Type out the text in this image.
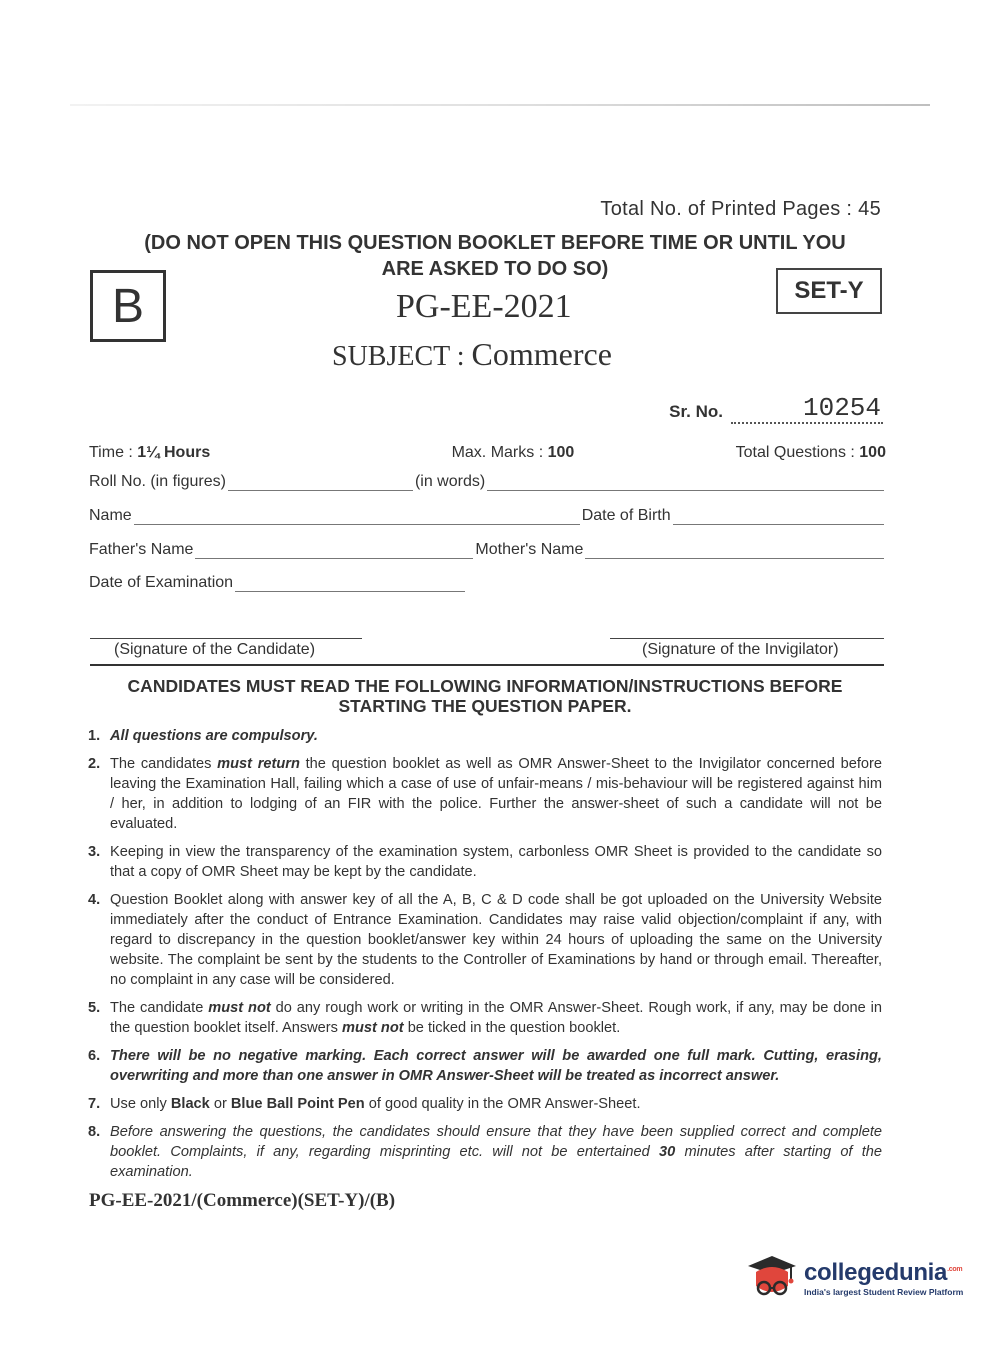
Total No. of Printed Pages : 45
(DO NOT OPEN THIS QUESTION BOOKLET BEFORE TIME OR UNTIL YOU
ARE ASKED TO DO SO)
B	SET-Y
PG-EE-2021
SUBJECT : Commerce
Sr. No.	10254
Time : 1¼ Hours	Max. Marks : 100	Total Questions : 100
Roll No. (in figures)	(in words)
Name	Date of Birth
Father's Name	Mother's Name
Date of Examination
(Signature of the Candidate)	(Signature of the Invigilator)
CANDIDATES MUST READ THE FOLLOWING INFORMATION/INSTRUCTIONS BEFORE
STARTING THE QUESTION PAPER.
1. All questions are compulsory.
2. The candidates must return the question booklet as well as OMR Answer-Sheet to the Invigilator concerned before leaving the Examination Hall, failing which a case of use of unfair-means / mis-behaviour will be registered against him / her, in addition to lodging of an FIR with the police. Further the answer-sheet of such a candidate will not be evaluated.
3. Keeping in view the transparency of the examination system, carbonless OMR Sheet is provided to the candidate so that a copy of OMR Sheet may be kept by the candidate.
4. Question Booklet along with answer key of all the A, B, C & D code shall be got uploaded on the University Website immediately after the conduct of Entrance Examination. Candidates may raise valid objection/complaint if any, with regard to discrepancy in the question booklet/answer key within 24 hours of uploading the same on the University website. The complaint be sent by the students to the Controller of Examinations by hand or through email. Thereafter, no complaint in any case will be considered.
5. The candidate must not do any rough work or writing in the OMR Answer-Sheet. Rough work, if any, may be done in the question booklet itself. Answers must not be ticked in the question booklet.
6. There will be no negative marking. Each correct answer will be awarded one full mark. Cutting, erasing, overwriting and more than one answer in OMR Answer-Sheet will be treated as incorrect answer.
7. Use only Black or Blue Ball Point Pen of good quality in the OMR Answer-Sheet.
8. Before answering the questions, the candidates should ensure that they have been supplied correct and complete booklet. Complaints, if any, regarding misprinting etc. will not be entertained 30 minutes after starting of the examination.
PG-EE-2021/(Commerce)(SET-Y)/(B)
collegedunia$^{.com}$
India's largest Student Review Platform
